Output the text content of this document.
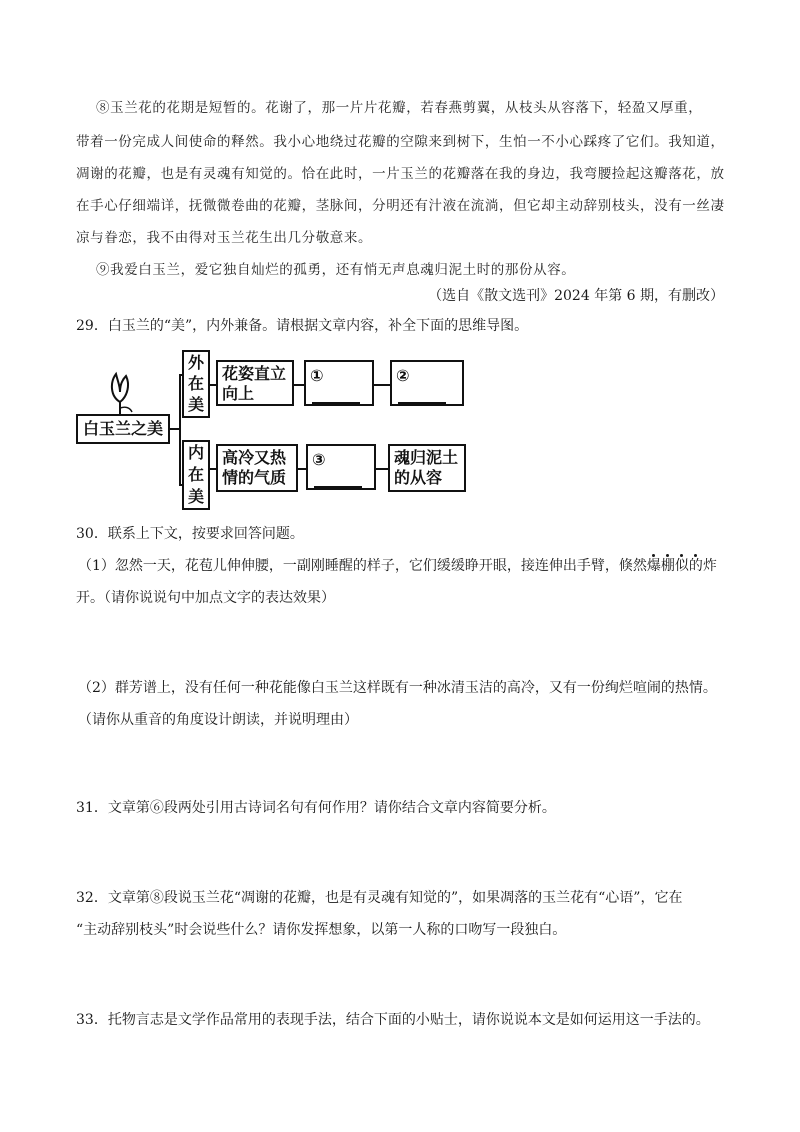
⑧玉兰花的花期是短暂的。花谢了，那一片片花瓣，若春燕剪翼，从枝头从容落下，轻盈又厚重，
带着一份完成人间使命的释然。我小心地绕过花瓣的空隙来到树下，生怕一不小心踩疼了它们。我知道，
凋谢的花瓣，也是有灵魂有知觉的。恰在此时，一片玉兰的花瓣落在我的身边，我弯腰捡起这瓣落花，放
在手心仔细端详，抚微微卷曲的花瓣，茎脉间，分明还有汁液在流淌，但它却主动辞别枝头，没有一丝凄
凉与眷恋，我不由得对玉兰花生出几分敬意来。
⑨我爱白玉兰，爱它独自灿烂的孤勇，还有悄无声息魂归泥土时的那份从容。
（选自《散文选刊》2024 年第 6 期，有删改）
29．白玉兰的“美”，内外兼备。请根据文章内容，补全下面的思维导图。
白玉兰之美
外
在
美
花姿直立
向上
①	②
内
在
美
高冷又热
情的气质
③	魂归泥土
的从容
30．联系上下文，按要求回答问题。
（1）忽然一天，花苞儿伸伸腰，一副刚睡醒的样子，它们缓缓睁开眼，接连伸出手臂，倏然爆棚似的炸
开。（请你说说句中加点文字的表达效果）
（2）群芳谱上，没有任何一种花能像白玉兰这样既有一种冰清玉洁的高冷，又有一份绚烂喧闹的热情。
（请你从重音的角度设计朗读，并说明理由）
31．文章第⑥段两处引用古诗词名句有何作用？请你结合文章内容简要分析。
32．文章第⑧段说玉兰花“凋谢的花瓣，也是有灵魂有知觉的”，如果凋落的玉兰花有“心语”，它在
“主动辞别枝头”时会说些什么？请你发挥想象，以第一人称的口吻写一段独白。
33．托物言志是文学作品常用的表现手法，结合下面的小贴士，请你说说本文是如何运用这一手法的。
